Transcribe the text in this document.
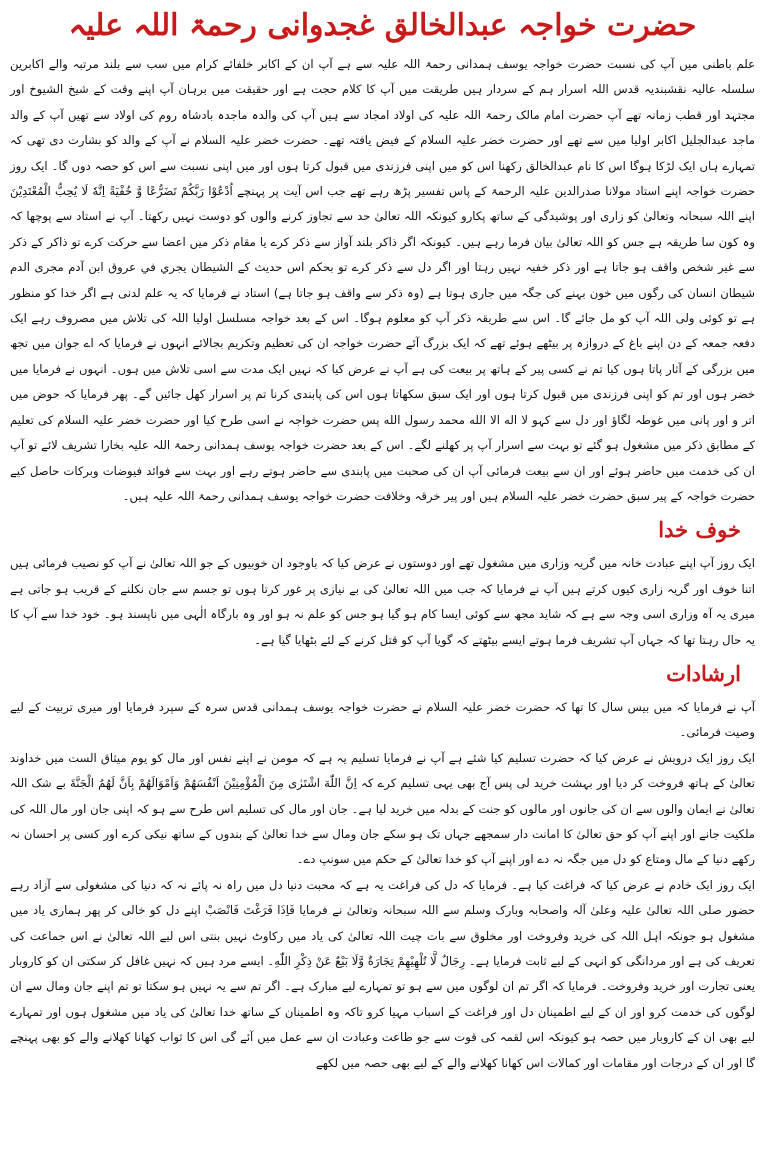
حضرت خواجہ عبدالخالق غجدوانی رحمۃ اللہ علیہ

علم باطنی میں آپ کی نسبت حضرت خواجہ یوسف ہمدانی رحمۃ اللہ علیہ سے ہے آپ ان کے اکابر خلفائے کرام میں سب سے بلند مرتبہ والے اکابرین سلسلہ عالیہ نقشبندیہ قدس اللہ اسرار ہم کے سردار ہیں طریقت میں آپ کا کلام حجت ہے اور حقیقت میں برہان آپ اپنے وقت کے شیخ الشیوخ اور مجتہد اور قطب زمانہ تھے آپ حضرت امام مالک رحمۃ اللہ علیہ کی اولاد امجاد سے ہیں آپ کی والدہ ماجدہ بادشاہ روم کی اولاد سے تھیں آپ کے والد ماجد عبدالجلیل اکابر اولیا میں سے تھے اور حضرت خضر علیہ السلام کے فیض یافتہ تھے۔ حضرت خضر علیہ السلام نے آپ کے والد کو بشارت دی تھی کہ تمہارے ہاں ایک لڑکا ہوگا اس کا نام عبدالخالق رکھنا اس کو میں اپنی فرزندی میں قبول کرتا ہوں اور میں اپنی نسبت سے اس کو حصہ دوں گا۔ ایک روز حضرت خواجہ اپنے استاد مولانا صدرالدین علیہ الرحمۃ کے پاس تفسیر پڑھ رہے تھے جب اس آیت پر پہنچے اُدْعُوْا رَبَّكُمْ تَضَرُّعًا وَّ خُفْيَةً اِنَّهٗ لَا يُحِبُّ الْمُعْتَدِيْنَ اپنے اللہ سبحانہ وتعالیٰ کو زاری اور پوشیدگی کے ساتھ پکارو کیونکہ اللہ تعالیٰ حد سے تجاوز کرنے والوں کو دوست نہیں رکھتا۔ آپ نے استاد سے پوچھا کہ وہ کون سا طریقہ ہے جس کو اللہ تعالیٰ بیان فرما رہے ہیں۔ کیونکہ اگر ذاکر بلند آواز سے ذکر کرے یا مقام ذکر میں اعضا سے حرکت کرے تو ذاکر کے ذکر سے غیر شخص واقف ہو جاتا ہے اور ذکر خفیہ نہیں رہتا اور اگر دل سے ذکر کرے تو بحکم اس حدیث کے الشيطان يجري في عروق ابن آدم مجرى الدم شیطان انسان کی رگوں میں خون بہنے کی جگہ میں جاری ہوتا ہے (وہ ذکر سے واقف ہو جاتا ہے) استاد نے فرمایا کہ یہ علم لدنی ہے اگر خدا کو منظور ہے تو کوئی ولی اللہ آپ کو مل جائے گا۔ اس سے طریقہ ذکر آپ کو معلوم ہوگا۔ اس کے بعد خواجہ مسلسل اولیا اللہ کی تلاش میں مصروف رہے ایک دفعہ جمعہ کے دن اپنے باغ کے دروازہ پر بیٹھے ہوئے تھے کہ ایک بزرگ آئے حضرت خواجہ ان کی تعظیم وتکریم بجالائے انہوں نے فرمایا کہ اے جوان میں تجھ میں بزرگی کے آثار پاتا ہوں کیا تم نے کسی پیر کے ہاتھ پر بیعت کی ہے آپ نے عرض کیا کہ نہیں ایک مدت سے اسی تلاش میں ہوں۔ انہوں نے فرمایا میں خضر ہوں اور تم کو اپنی فرزندی میں قبول کرتا ہوں اور ایک سبق سکھاتا ہوں اس کی پابندی کرنا تم پر اسرار کھل جائیں گے۔ پھر فرمایا کہ حوض میں اتر و اور پانی میں غوطہ لگاؤ اور دل سے کہو لا اله الا الله محمد رسول الله پس حضرت خواجہ نے اسی طرح کیا اور حضرت خضر علیہ السلام کی تعلیم کے مطابق ذکر میں مشغول ہو گئے تو بہت سے اسرار آپ پر کھلنے لگے۔ اس کے بعد حضرت خواجہ یوسف ہمدانی رحمۃ اللہ علیہ بخارا تشریف لائے تو آپ ان کی خدمت میں حاضر ہوئے اور ان سے بیعت فرمائی آپ ان کی صحبت میں پابندی سے حاضر ہوتے رہے اور بہت سے فوائد فیوضات وبرکات حاصل کیے حضرت خواجہ کے پیر سبق حضرت خضر علیہ السلام ہیں اور پیر خرقہ وخلافت حضرت خواجہ یوسف ہمدانی رحمۃ اللہ علیہ ہیں۔

خوف خدا

ایک روز آپ اپنے عبادت خانہ میں گریہ وزاری میں مشغول تھے اور دوستوں نے عرض کیا کہ باوجود ان خوبیوں کے جو اللہ تعالیٰ نے آپ کو نصیب فرمائی ہیں اتنا خوف اور گریہ زاری کیوں کرتے ہیں آپ نے فرمایا کہ جب میں اللہ تعالیٰ کی بے نیازی پر غور کرتا ہوں تو جسم سے جان نکلنے کے قریب ہو جاتی ہے میری یہ آہ وزاری اسی وجہ سے ہے کہ شاید مجھ سے کوئی ایسا کام ہو گیا ہو جس کو علم نہ ہو اور وہ بارگاہ الٰہی میں ناپسند ہو۔ خود خدا سے آپ کا یہ حال رہتا تھا کہ جہاں آپ تشریف فرما ہوتے ایسے بیٹھتے کہ گویا آپ کو قتل کرنے کے لئے بٹھایا گیا ہے۔

ارشادات

آپ نے فرمایا کہ میں بیس سال کا تھا کہ حضرت خضر علیہ السلام نے حضرت خواجہ یوسف ہمدانی قدس سرہ کے سپرد فرمایا اور میری تربیت کے لیے وصیت فرمائی۔

ایک روز ایک درویش نے عرض کیا کہ حضرت تسلیم کیا شئے ہے آپ نے فرمایا تسلیم یہ ہے کہ مومن نے اپنے نفس اور مال کو یوم میثاق الست میں خداوند تعالیٰ کے ہاتھ فروخت کر دیا اور بہشت خرید لی پس آج بھی یہی تسلیم کرے کہ اِنَّ اللّٰهَ اشْتَرٰى مِنَ الْمُؤْمِنِيْنَ اَنْفُسَهُمْ وَاَمْوَالَهُمْ بِاَنَّ لَهُمُ الْجَنَّةَ بے شک اللہ تعالیٰ نے ایمان والوں سے ان کی جانوں اور مالوں کو جنت کے بدلہ میں خرید لیا ہے۔ جان اور مال کی تسلیم اس طرح سے ہو کہ اپنی جان اور مال اللہ کی ملکیت جانے اور اپنے آپ کو حق تعالیٰ کا امانت دار سمجھے جہاں تک ہو سکے جان ومال سے خدا تعالیٰ کے بندوں کے ساتھ نیکی کرے اور کسی پر احسان نہ رکھے دنیا کے مال ومتاع کو دل میں جگہ نہ دے اور اپنے آپ کو خدا تعالیٰ کے حکم میں سونپ دے۔

ایک روز ایک خادم نے عرض کیا کہ فراغت کیا ہے۔ فرمایا کہ دل کی فراغت یہ ہے کہ محبت دنیا دل میں راہ نہ پائے نہ کہ دنیا کی مشغولی سے آزاد رہے حضور صلی اللہ تعالیٰ علیہ وعلیٰ آلہ واصحابہ وبارک وسلم سے اللہ سبحانہ وتعالیٰ نے فرمایا فَاِذَا فَرَغْتَ فَانْصَبْ اپنے دل کو خالی کر پھر ہماری یاد میں مشغول ہو جونکہ اہل اللہ کی خرید وفروخت اور مخلوق سے بات چیت اللہ تعالیٰ کی یاد میں رکاوٹ نہیں بنتی اس لیے اللہ تعالیٰ نے اس جماعت کی تعریف کی ہے اور مردانگی کو انہی کے لیے ثابت فرمایا ہے۔ رِجَالٌ لَّا تُلْهِيْهِمْ تِجَارَةٌ وَّلَا بَيْعٌ عَنْ ذِكْرِ اللّٰهِ۔ ایسے مرد ہیں کہ نہیں غافل کر سکتی ان کو کاروبار یعنی تجارت اور خرید وفروخت۔ فرمایا کہ اگر تم ان لوگوں میں سے ہو تو تمہارے لیے مبارک ہے۔ اگر تم سے یہ نہیں ہو سکتا تو تم اپنے جان ومال سے ان لوگوں کی خدمت کرو اور ان کے لیے اطمینان دل اور فراغت کے اسباب مہیا کرو تاکہ وہ اطمینان کے ساتھ خدا تعالیٰ کی یاد میں مشغول ہوں اور تمہارے لیے بھی ان کے کاروبار میں حصہ ہو کیونکہ اس لقمہ کی قوت سے جو طاعت وعبادت ان سے عمل میں آئے گی اس کا ثواب کھانا کھلانے والے کو بھی پہنچے گا اور ان کے درجات اور مقامات اور کمالات اس کھانا کھلانے والے کے لیے بھی حصہ میں لکھے
